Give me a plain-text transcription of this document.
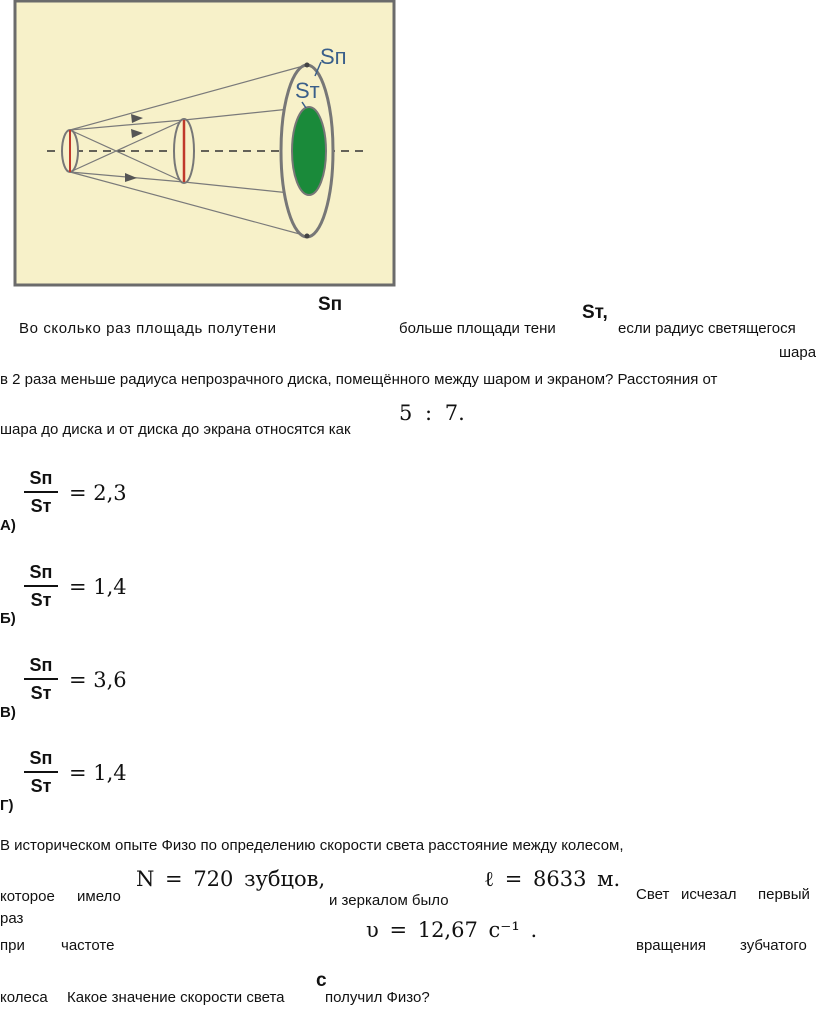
Sп
Sт
Во сколько раз площадь полутени
Sп
больше площади тени
Sт,
если радиус светящегося
шара
в 2 раза меньше радиуса непрозрачного диска, помещённого между шаром и экраном? Расстояния от
шара до диска и от диска до экрана относятся как
5 : 7.
А)
Sп
Sт
= 2,3
Б)
Sп
Sт
= 1,4
В)
Sп
Sт
= 3,6
Г)
Sп
Sт
= 1,4
В историческом опыте Физо по определению скорости света расстояние между колесом,
которое имело
раз
N = 720 зубцов,
и зеркалом было
ℓ = 8633 м.
Свет исчезал первый
при частоте
υ = 12,67 с⁻¹ .
вращения зубчатого
колеса Какое значение скорости света
с
получил Физо?
